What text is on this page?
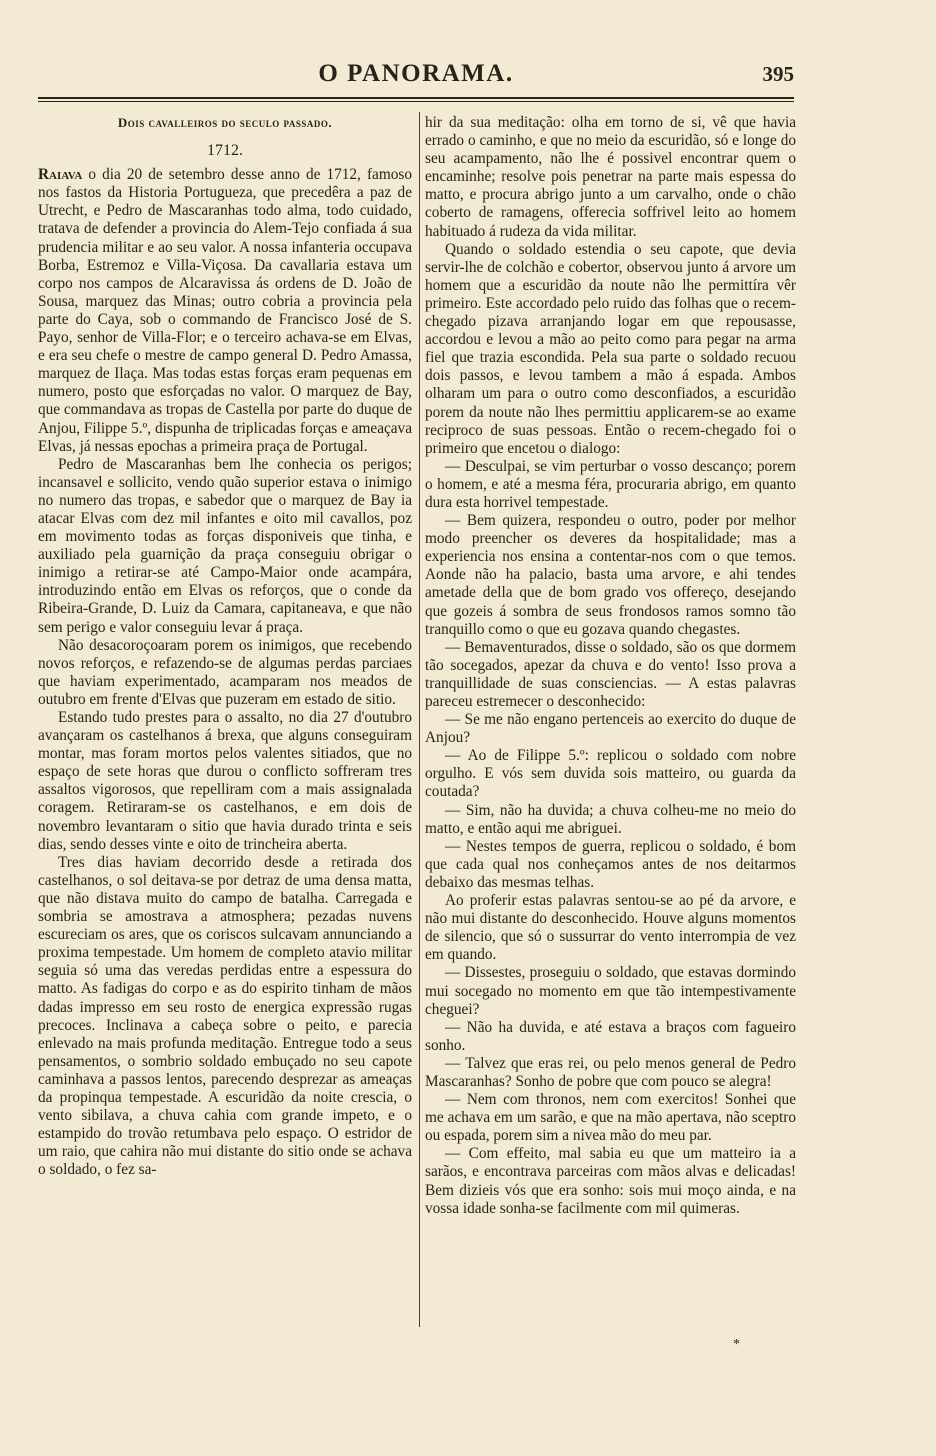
O PANORAMA.	395
Dois cavalleiros do seculo passado.
1712.

Raiava o dia 20 de setembro desse anno de 1712, famoso nos fastos da Historia Portugueza, que precedêra a paz de Utrecht, e Pedro de Mascaranhas todo alma, todo cuidado, tratava de defender a provincia do Alem-Tejo confiada á sua prudencia militar e ao seu valor. A nossa infanteria occupava Borba, Estremoz e Villa-Viçosa. Da cavallaria estava um corpo nos campos de Alcaravissa ás ordens de D. João de Sousa, marquez das Minas; outro cobria a provincia pela parte do Caya, sob o commando de Francisco José de S. Payo, senhor de Villa-Flor; e o terceiro achava-se em Elvas, e era seu chefe o mestre de campo general D. Pedro Amassa, marquez de Ilaça. Mas todas estas forças eram pequenas em numero, posto que esforçadas no valor. O marquez de Bay, que commandava as tropas de Castella por parte do duque de Anjou, Filippe 5.º, dispunha de triplicadas forças e ameaçava Elvas, já nessas epochas a primeira praça de Portugal.

Pedro de Mascaranhas bem lhe conhecia os perigos; incansavel e sollicito, vendo quão superior estava o inimigo no numero das tropas, e sabedor que o marquez de Bay ia atacar Elvas com dez mil infantes e oito mil cavallos, poz em movimento todas as forças disponiveis que tinha, e auxiliado pela guarnição da praça conseguiu obrigar o inimigo a retirar-se até Campo-Maior onde acampára, introduzindo então em Elvas os reforços, que o conde da Ribeira-Grande, D. Luiz da Camara, capitaneava, e que não sem perigo e valor conseguiu levar á praça.

Não desacoroçoaram porem os inimigos, que recebendo novos reforços, e refazendo-se de algumas perdas parciaes que haviam experimentado, acamparam nos meados de outubro em frente d'Elvas que puzeram em estado de sitio.

Estando tudo prestes para o assalto, no dia 27 d'outubro avançaram os castelhanos á brexa, que alguns conseguiram montar, mas foram mortos pelos valentes sitiados, que no espaço de sete horas que durou o conflicto soffreram tres assaltos vigorosos, que repelliram com a mais assignalada coragem. Retiraram-se os castelhanos, e em dois de novembro levantaram o sitio que havia durado trinta e seis dias, sendo desses vinte e oito de trincheira aberta.

Tres dias haviam decorrido desde a retirada dos castelhanos, o sol deitava-se por detraz de uma densa matta, que não distava muito do campo de batalha. Carregada e sombria se amostrava a atmosphera; pezadas nuvens escureciam os ares, que os coriscos sulcavam annunciando a proxima tempestade. Um homem de completo atavio militar seguia só uma das veredas perdidas entre a espessura do matto. As fadigas do corpo e as do espirito tinham de mãos dadas impresso em seu rosto de energica expressão rugas precoces. Inclinava a cabeça sobre o peito, e parecia enlevado na mais profunda meditação. Entregue todo a seus pensamentos, o sombrio soldado embuçado no seu capote caminhava a passos lentos, parecendo desprezar as ameaças da propinqua tempestade. A escuridão da noite crescia, o vento sibilava, a chuva cahia com grande impeto, e o estampido do trovão retumbava pelo espaço. O estridor de um raio, que cahira não mui distante do sitio onde se achava o soldado, o fez sa-

hir da sua meditação: olha em torno de si, vê que havia errado o caminho, e que no meio da escuridão, só e longe do seu acampamento, não lhe é possivel encontrar quem o encaminhe; resolve pois penetrar na parte mais espessa do matto, e procura abrigo junto a um carvalho, onde o chão coberto de ramagens, offerecia soffrivel leito ao homem habituado á rudeza da vida militar.

Quando o soldado estendia o seu capote, que devia servir-lhe de colchão e cobertor, observou junto á arvore um homem que a escuridão da noute não lhe permittíra vêr primeiro. Este accordado pelo ruido das folhas que o recem-chegado pizava arranjando logar em que repousasse, accordou e levou a mão ao peito como para pegar na arma fiel que trazia escondida. Pela sua parte o soldado recuou dois passos, e levou tambem a mão á espada. Ambos olharam um para o outro como desconfiados, a escuridão porem da noute não lhes permittiu applicarem-se ao exame reciproco de suas pessoas. Então o recem-chegado foi o primeiro que encetou o dialogo:

— Desculpai, se vim perturbar o vosso descanço; porem o homem, e até a mesma féra, procuraria abrigo, em quanto dura esta horrivel tempestade.

— Bem quizera, respondeu o outro, poder por melhor modo preencher os deveres da hospitalidade; mas a experiencia nos ensina a contentar-nos com o que temos. Aonde não ha palacio, basta uma arvore, e ahi tendes ametade della que de bom grado vos offereço, desejando que gozeis á sombra de seus frondosos ramos somno tão tranquillo como o que eu gozava quando chegastes.

— Bemaventurados, disse o soldado, são os que dormem tão socegados, apezar da chuva e do vento! Isso prova a tranquillidade de suas consciencias. — A estas palavras pareceu estremecer o desconhecido:

— Se me não engano pertenceis ao exercito do duque de Anjou?

— Ao de Filippe 5.º: replicou o soldado com nobre orgulho. E vós sem duvida sois matteiro, ou guarda da coutada?

— Sim, não ha duvida; a chuva colheu-me no meio do matto, e então aqui me abriguei.

— Nestes tempos de guerra, replicou o soldado, é bom que cada qual nos conheçamos antes de nos deitarmos debaixo das mesmas telhas.

Ao proferir estas palavras sentou-se ao pé da arvore, e não mui distante do desconhecido. Houve alguns momentos de silencio, que só o sussurrar do vento interrompia de vez em quando.

— Dissestes, proseguiu o soldado, que estavas dormindo mui socegado no momento em que tão intempestivamente cheguei?

— Não ha duvida, e até estava a braços com fagueiro sonho.

— Talvez que eras rei, ou pelo menos general de Pedro Mascaranhas? Sonho de pobre que com pouco se alegra!

— Nem com thronos, nem com exercitos! Sonhei que me achava em um sarão, e que na mão apertava, não sceptro ou espada, porem sim a nivea mão do meu par.

— Com effeito, mal sabia eu que um matteiro ia a sarãos, e encontrava parceiras com mãos alvas e delicadas! Bem dizieis vós que era sonho: sois mui moço ainda, e na vossa idade sonha-se facilmente com mil quimeras.

*
